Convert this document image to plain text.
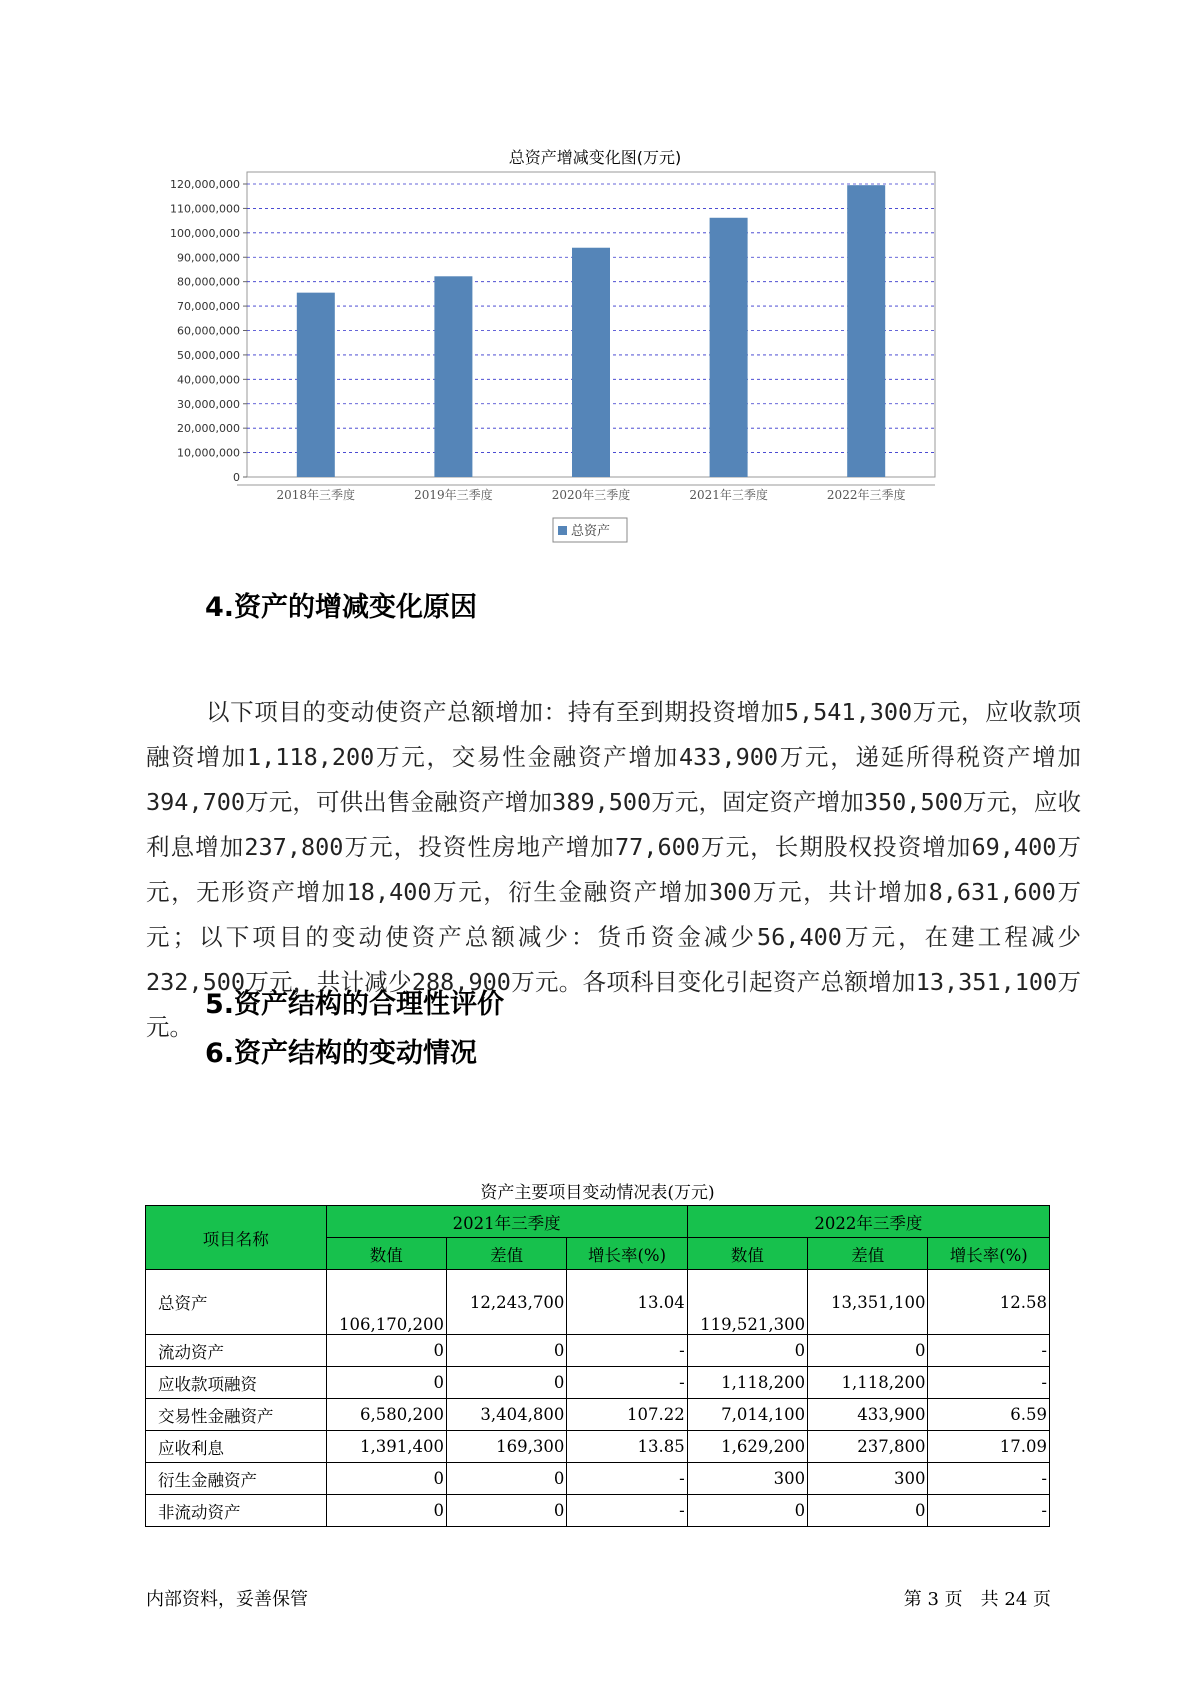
总资产增减变化图(万元)
0
10,000,000
20,000,000
30,000,000
40,000,000
50,000,000
60,000,000
70,000,000
80,000,000
90,000,000
100,000,000
110,000,000
120,000,000
2018年三季度	2019年三季度	2020年三季度	2021年三季度	2022年三季度
总资产
4.资产的增减变化原因
以下项目的变动使资产总额增加：持有至到期投资增加5,541,300万元，应收款项融资增加1,118,200万元，交易性金融资产增加433,900万元，递延所得税资产增加394,700万元，可供出售金融资产增加389,500万元，固定资产增加350,500万元，应收利息增加237,800万元，投资性房地产增加77,600万元，长期股权投资增加69,400万元，无形资产增加18,400万元，衍生金融资产增加300万元，共计增加8,631,600万元；以下项目的变动使资产总额减少：货币资金减少56,400万元，在建工程减少232,500万元，共计减少288,900万元。各项科目变化引起资产总额增加13,351,100万元。
5.资产结构的合理性评价
6.资产结构的变动情况
资产主要项目变动情况表(万元)
项目名称	2021年三季度			2022年三季度		
	数值	差值	增长率(%)	数值	差值	增长率(%)
总资产	106,170,200	12,243,700	13.04	119,521,300	13,351,100	12.58
流动资产	0	0	-	0	0	-
应收款项融资	0	0	-	1,118,200	1,118,200	-
交易性金融资产	6,580,200	3,404,800	107.22	7,014,100	433,900	6.59
应收利息	1,391,400	169,300	13.85	1,629,200	237,800	17.09
衍生金融资产	0	0	-	300	300	-
非流动资产	0	0	-	0	0	-
内部资料，妥善保管	第 3 页　共 24 页
